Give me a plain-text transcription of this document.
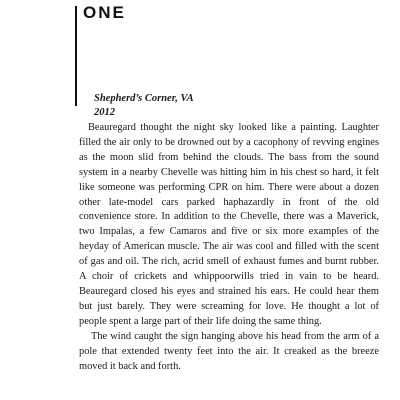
ONE
Shepherd’s Corner, VA
2012

Beauregard thought the night sky looked like a painting. Laughter filled the air only to be drowned out by a cacophony of revving engines as the moon slid from behind the clouds. The bass from the sound system in a nearby Chevelle was hitting him in his chest so hard, it felt like someone was performing CPR on him. There were about a dozen other late-model cars parked haphazardly in front of the old convenience store. In addition to the Chevelle, there was a Maverick, two Impalas, a few Camaros and five or six more examples of the heyday of American muscle. The air was cool and filled with the scent of gas and oil. The rich, acrid smell of exhaust fumes and burnt rubber. A choir of crickets and whippoorwills tried in vain to be heard. Beauregard closed his eyes and strained his ears. He could hear them but just barely. They were screaming for love. He thought a lot of people spent a large part of their life doing the same thing.

The wind caught the sign hanging above his head from the arm of a pole that extended twenty feet into the air. It creaked as the breeze moved it back and forth.
